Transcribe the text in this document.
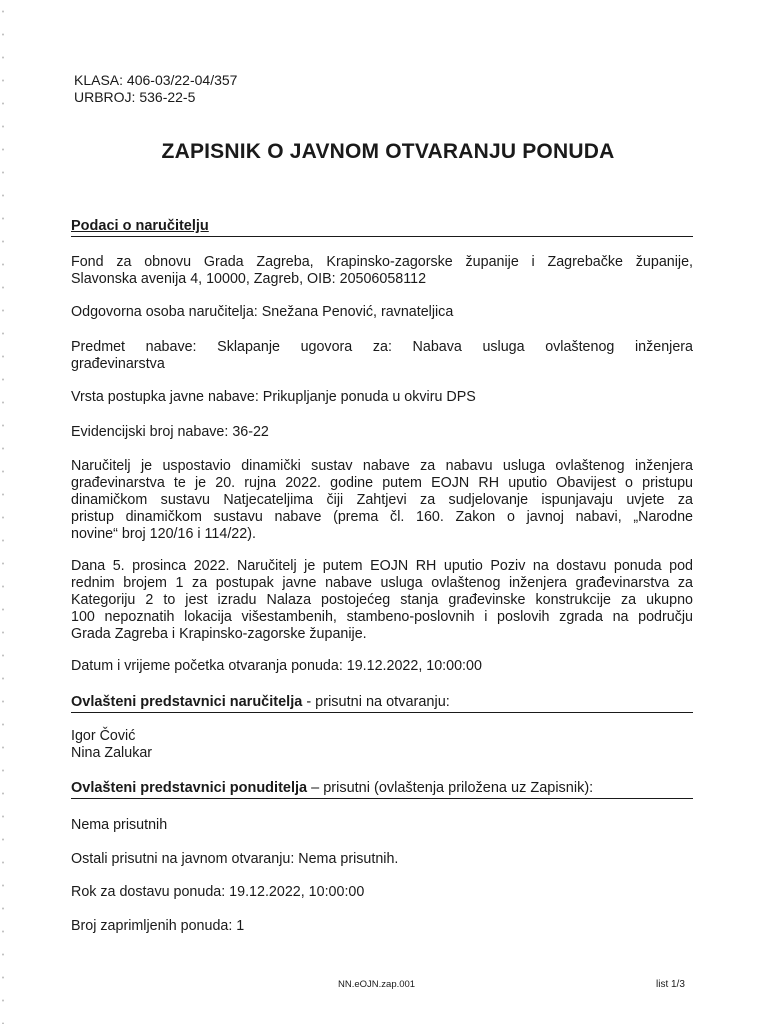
KLASA: 406-03/22-04/357
URBROJ: 536-22-5
ZAPISNIK O JAVNOM OTVARANJU PONUDA
Podaci o naručitelju
Fond za obnovu Grada Zagreba, Krapinsko-zagorske županije i Zagrebačke županije,
Slavonska avenija 4, 10000, Zagreb, OIB: 20506058112
Odgovorna osoba naručitelja: Snežana Penović, ravnateljica
Predmet nabave: Sklapanje ugovora za: Nabava usluga ovlaštenog inženjera
građevinarstva
Vrsta postupka javne nabave: Prikupljanje ponuda u okviru DPS
Evidencijski broj nabave: 36-22
Naručitelj je uspostavio dinamički sustav nabave za nabavu usluga ovlaštenog inženjera
građevinarstva te je 20. rujna 2022. godine putem EOJN RH uputio Obavijest o pristupu
dinamičkom sustavu Natjecateljima čiji Zahtjevi za sudjelovanje ispunjavaju uvjete za
pristup dinamičkom sustavu nabave (prema čl. 160. Zakon o javnoj nabavi, „Narodne
novine“ broj 120/16 i 114/22).
Dana 5. prosinca 2022. Naručitelj je putem EOJN RH uputio Poziv na dostavu ponuda pod
rednim brojem 1 za postupak javne nabave usluga ovlaštenog inženjera građevinarstva za
Kategoriju 2 to jest izradu Nalaza postojećeg stanja građevinske konstrukcije za ukupno
100 nepoznatih lokacija višestambenih, stambeno-poslovnih i poslovih zgrada na području
Grada Zagreba i Krapinsko-zagorske županije.
Datum i vrijeme početka otvaranja ponuda: 19.12.2022, 10:00:00
Ovlašteni predstavnici naručitelja - prisutni na otvaranju:
Igor Čović
Nina Zalukar
Ovlašteni predstavnici ponuditelja – prisutni (ovlaštenja priložena uz Zapisnik):
Nema prisutnih
Ostali prisutni na javnom otvaranju: Nema prisutnih.
Rok za dostavu ponuda: 19.12.2022, 10:00:00
Broj zaprimljenih ponuda: 1
NN.eOJN.zap.001	list 1/3
